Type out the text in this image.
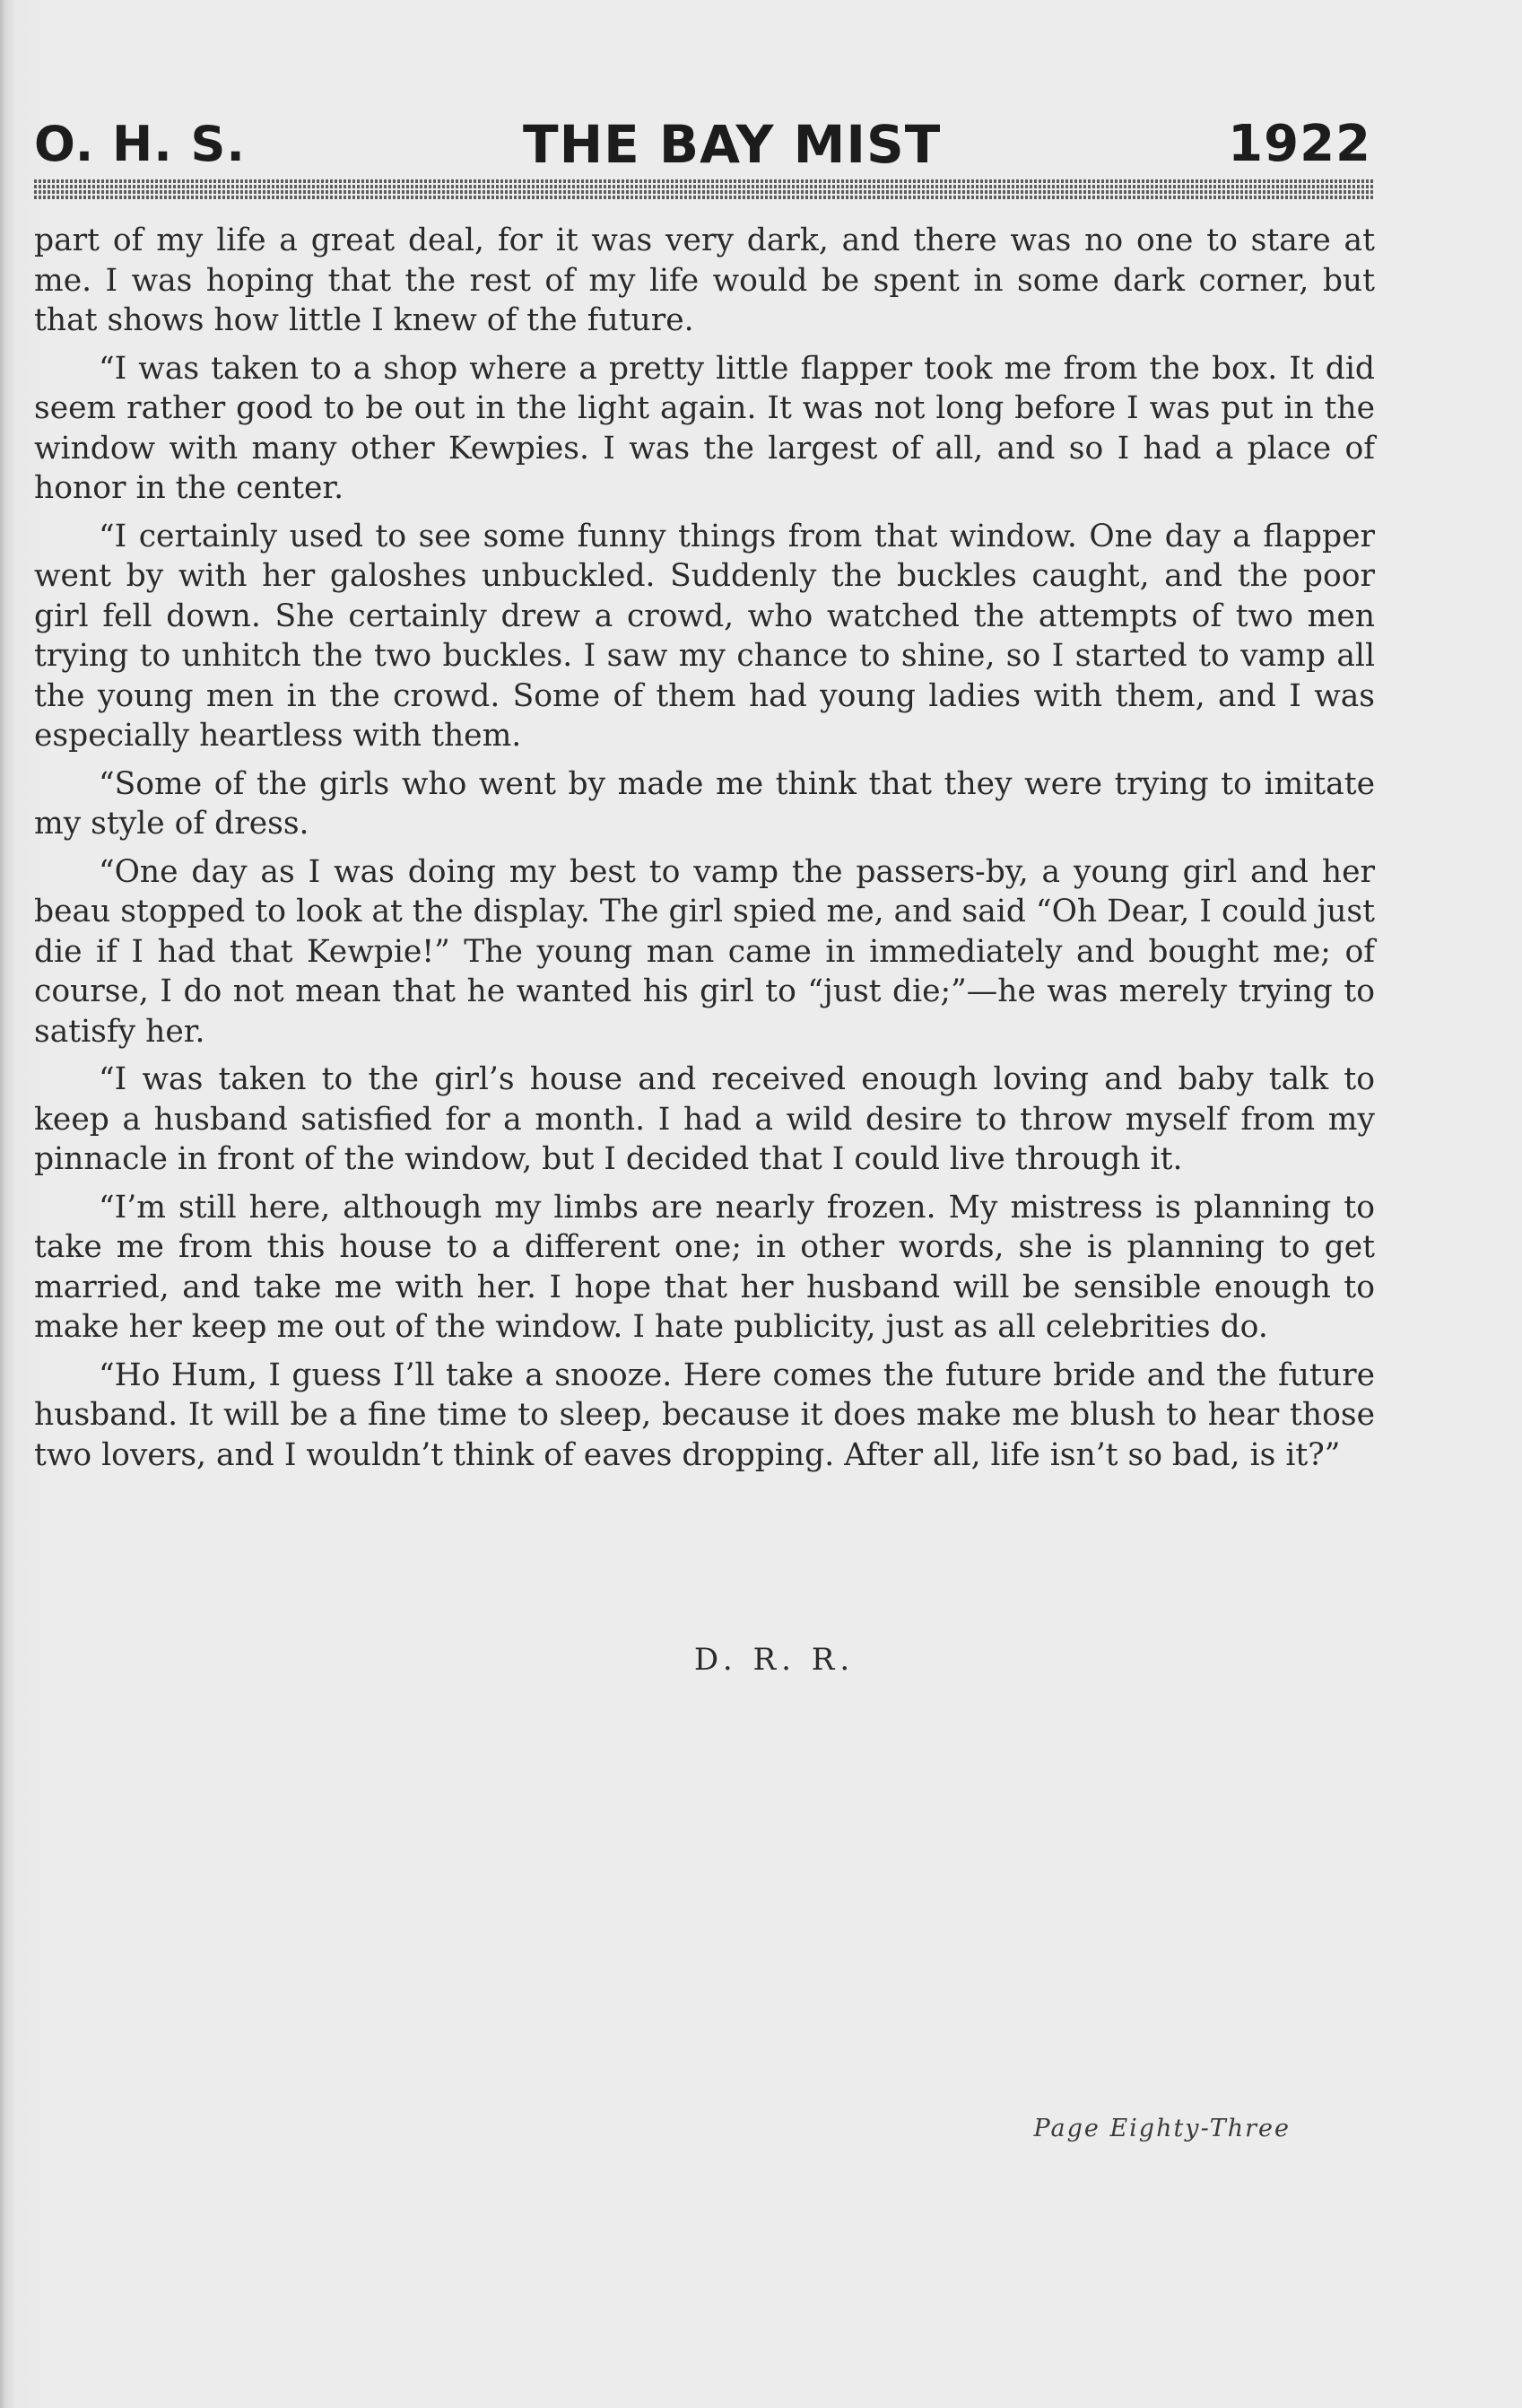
O. H. S.	THE BAY MIST	1922

part of my life a great deal, for it was very dark, and there was no one to stare at me. I was hoping that the rest of my life would be spent in some dark corner, but that shows how little I knew of the future.

“I was taken to a shop where a pretty little flapper took me from the box. It did seem rather good to be out in the light again. It was not long before I was put in the window with many other Kewpies. I was the largest of all, and so I had a place of honor in the center.

“I certainly used to see some funny things from that window. One day a flapper went by with her galoshes unbuckled. Suddenly the buckles caught, and the poor girl fell down. She certainly drew a crowd, who watched the attempts of two men trying to unhitch the two buckles. I saw my chance to shine, so I started to vamp all the young men in the crowd. Some of them had young ladies with them, and I was especially heartless with them.

“Some of the girls who went by made me think that they were trying to imitate my style of dress.

“One day as I was doing my best to vamp the passers-by, a young girl and her beau stopped to look at the display. The girl spied me, and said “Oh Dear, I could just die if I had that Kewpie!” The young man came in immediately and bought me; of course, I do not mean that he wanted his girl to “just die;”—he was merely trying to satisfy her.

“I was taken to the girl’s house and received enough loving and baby talk to keep a husband satisfied for a month. I had a wild desire to throw myself from my pinnacle in front of the window, but I decided that I could live through it.

“I’m still here, although my limbs are nearly frozen. My mistress is planning to take me from this house to a different one; in other words, she is planning to get married, and take me with her. I hope that her husband will be sensible enough to make her keep me out of the window. I hate publicity, just as all celebrities do.

“Ho Hum, I guess I’ll take a snooze. Here comes the future bride and the future husband. It will be a fine time to sleep, because it does make me blush to hear those two lovers, and I wouldn’t think of eaves dropping. After all, life isn’t so bad, is it?”

D. R. R.
Page Eighty-Three
